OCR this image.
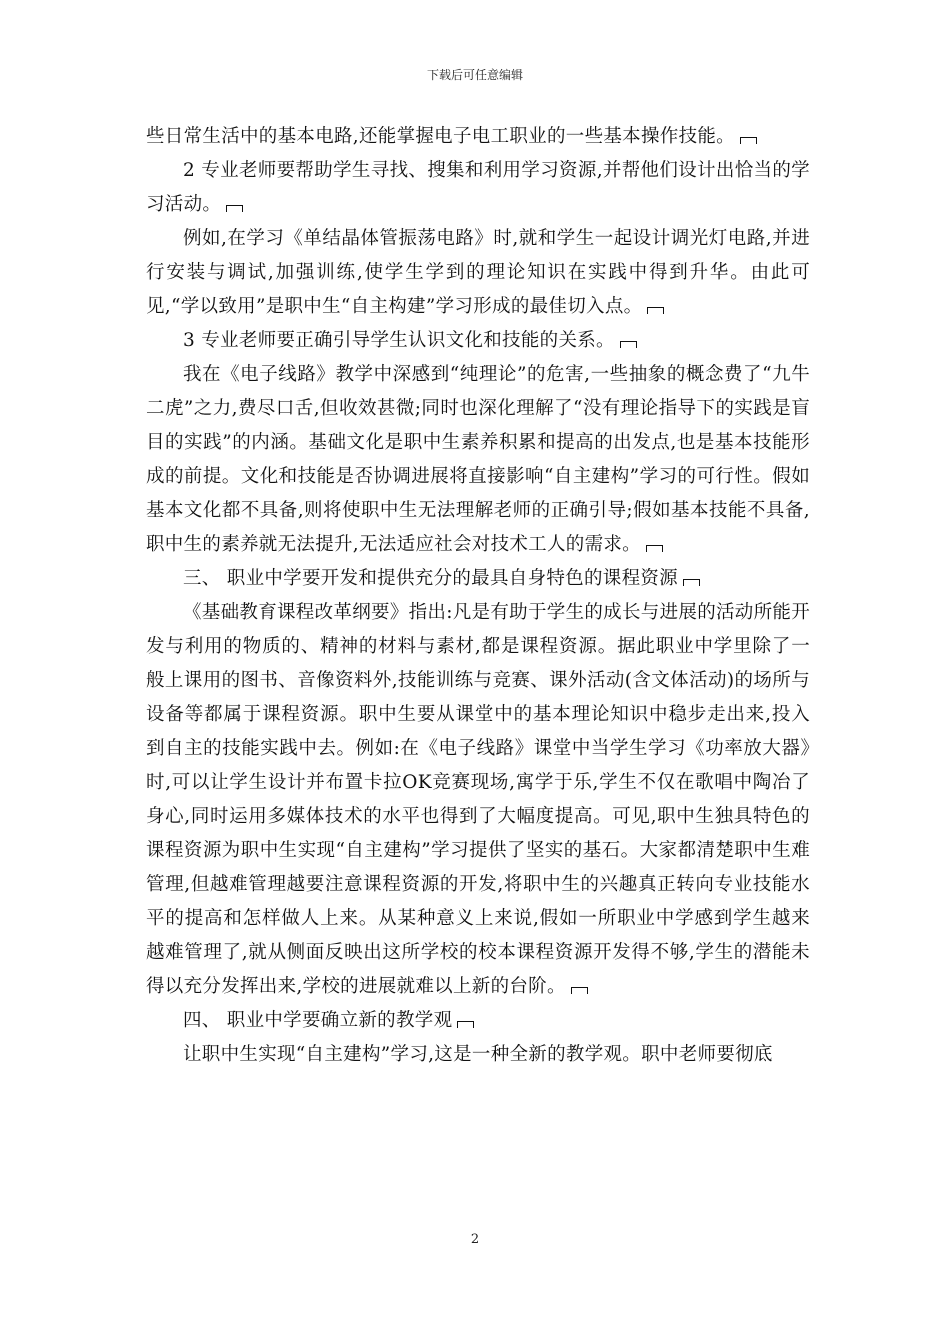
下载后可任意编辑

些日常生活中的基本电路,还能掌握电子电工职业的一些基本操作技能。

2 专业老师要帮助学生寻找、搜集和利用学习资源,并帮他们设计出恰当的学习活动。

例如,在学习《单结晶体管振荡电路》时,就和学生一起设计调光灯电路,并进行安装与调试,加强训练,使学生学到的理论知识在实践中得到升华。由此可见,“学以致用”是职中生“自主构建”学习形成的最佳切入点。

3 专业老师要正确引导学生认识文化和技能的关系。

我在《电子线路》教学中深感到“纯理论”的危害,一些抽象的概念费了“九牛二虎”之力,费尽口舌,但收效甚微;同时也深化理解了“没有理论指导下的实践是盲目的实践”的内涵。基础文化是职中生素养积累和提高的出发点,也是基本技能形成的前提。文化和技能是否协调进展将直接影响“自主建构”学习的可行性。假如基本文化都不具备,则将使职中生无法理解老师的正确引导;假如基本技能不具备,职中生的素养就无法提升,无法适应社会对技术工人的需求。

三、 职业中学要开发和提供充分的最具自身特色的课程资源

《基础教育课程改革纲要》指出:凡是有助于学生的成长与进展的活动所能开发与利用的物质的、精神的材料与素材,都是课程资源。据此职业中学里除了一般上课用的图书、音像资料外,技能训练与竞赛、课外活动(含文体活动)的场所与设备等都属于课程资源。职中生要从课堂中的基本理论知识中稳步走出来,投入到自主的技能实践中去。例如:在《电子线路》课堂中当学生学习《功率放大器》时,可以让学生设计并布置卡拉OK竞赛现场,寓学于乐,学生不仅在歌唱中陶冶了身心,同时运用多媒体技术的水平也得到了大幅度提高。可见,职中生独具特色的课程资源为职中生实现“自主建构”学习提供了坚实的基石。大家都清楚职中生难管理,但越难管理越要注意课程资源的开发,将职中生的兴趣真正转向专业技能水平的提高和怎样做人上来。从某种意义上来说,假如一所职业中学感到学生越来越难管理了,就从侧面反映出这所学校的校本课程资源开发得不够,学生的潜能未得以充分发挥出来,学校的进展就难以上新的台阶。

四、 职业中学要确立新的教学观

让职中生实现“自主建构”学习,这是一种全新的教学观。职中老师要彻底

2
